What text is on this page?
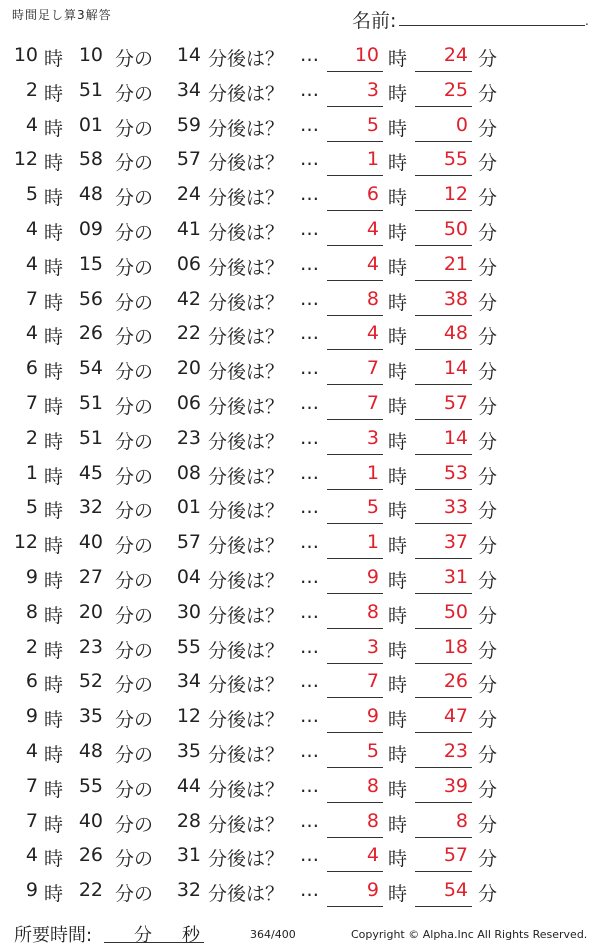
時間足し算3解答	名前:	.
10 時 10 分の 14 分後は？ … 10 時 24 分
2 時 51 分の 34 分後は？ … 3 時 25 分
4 時 01 分の 59 分後は？ … 5 時	0 分
12 時 58 分の 57 分後は？ … 1 時 55 分
5 時 48 分の 24 分後は？ … 6 時 12 分
4 時 09 分の 41 分後は？ … 4 時 50 分
4 時 15 分の 06 分後は？ … 4 時 21 分
7 時 56 分の 42 分後は？ … 8 時 38 分
4 時 26 分の 22 分後は？ … 4 時 48 分
6 時 54 分の 20 分後は？ … 7 時 14 分
7 時 51 分の 06 分後は？ … 7 時 57 分
2 時 51 分の 23 分後は？ … 3 時 14 分
1 時 45 分の 08 分後は？ … 1 時 53 分
5 時 32 分の 01 分後は？ … 5 時 33 分
12 時 40 分の 57 分後は？ … 1 時 37 分
9 時 27 分の 04 分後は？ … 9 時 31 分
8 時 20 分の 30 分後は？ … 8 時 50 分
2 時 23 分の 55 分後は？ … 3 時 18 分
6 時 52 分の 34 分後は？ … 7 時 26 分
9 時 35 分の 12 分後は？ … 9 時 47 分
4 時 48 分の 35 分後は？ … 5 時 23 分
7 時 55 分の 44 分後は？ … 8 時 39 分
7 時 40 分の 28 分後は？ … 8 時	8 分
4 時 26 分の 31 分後は？ … 4 時 57 分
9 時 22 分の 32 分後は？ … 9 時 54 分
所要時間: 分 秒	364/400	Copyright © Alpha.Inc All Rights Reserved.
